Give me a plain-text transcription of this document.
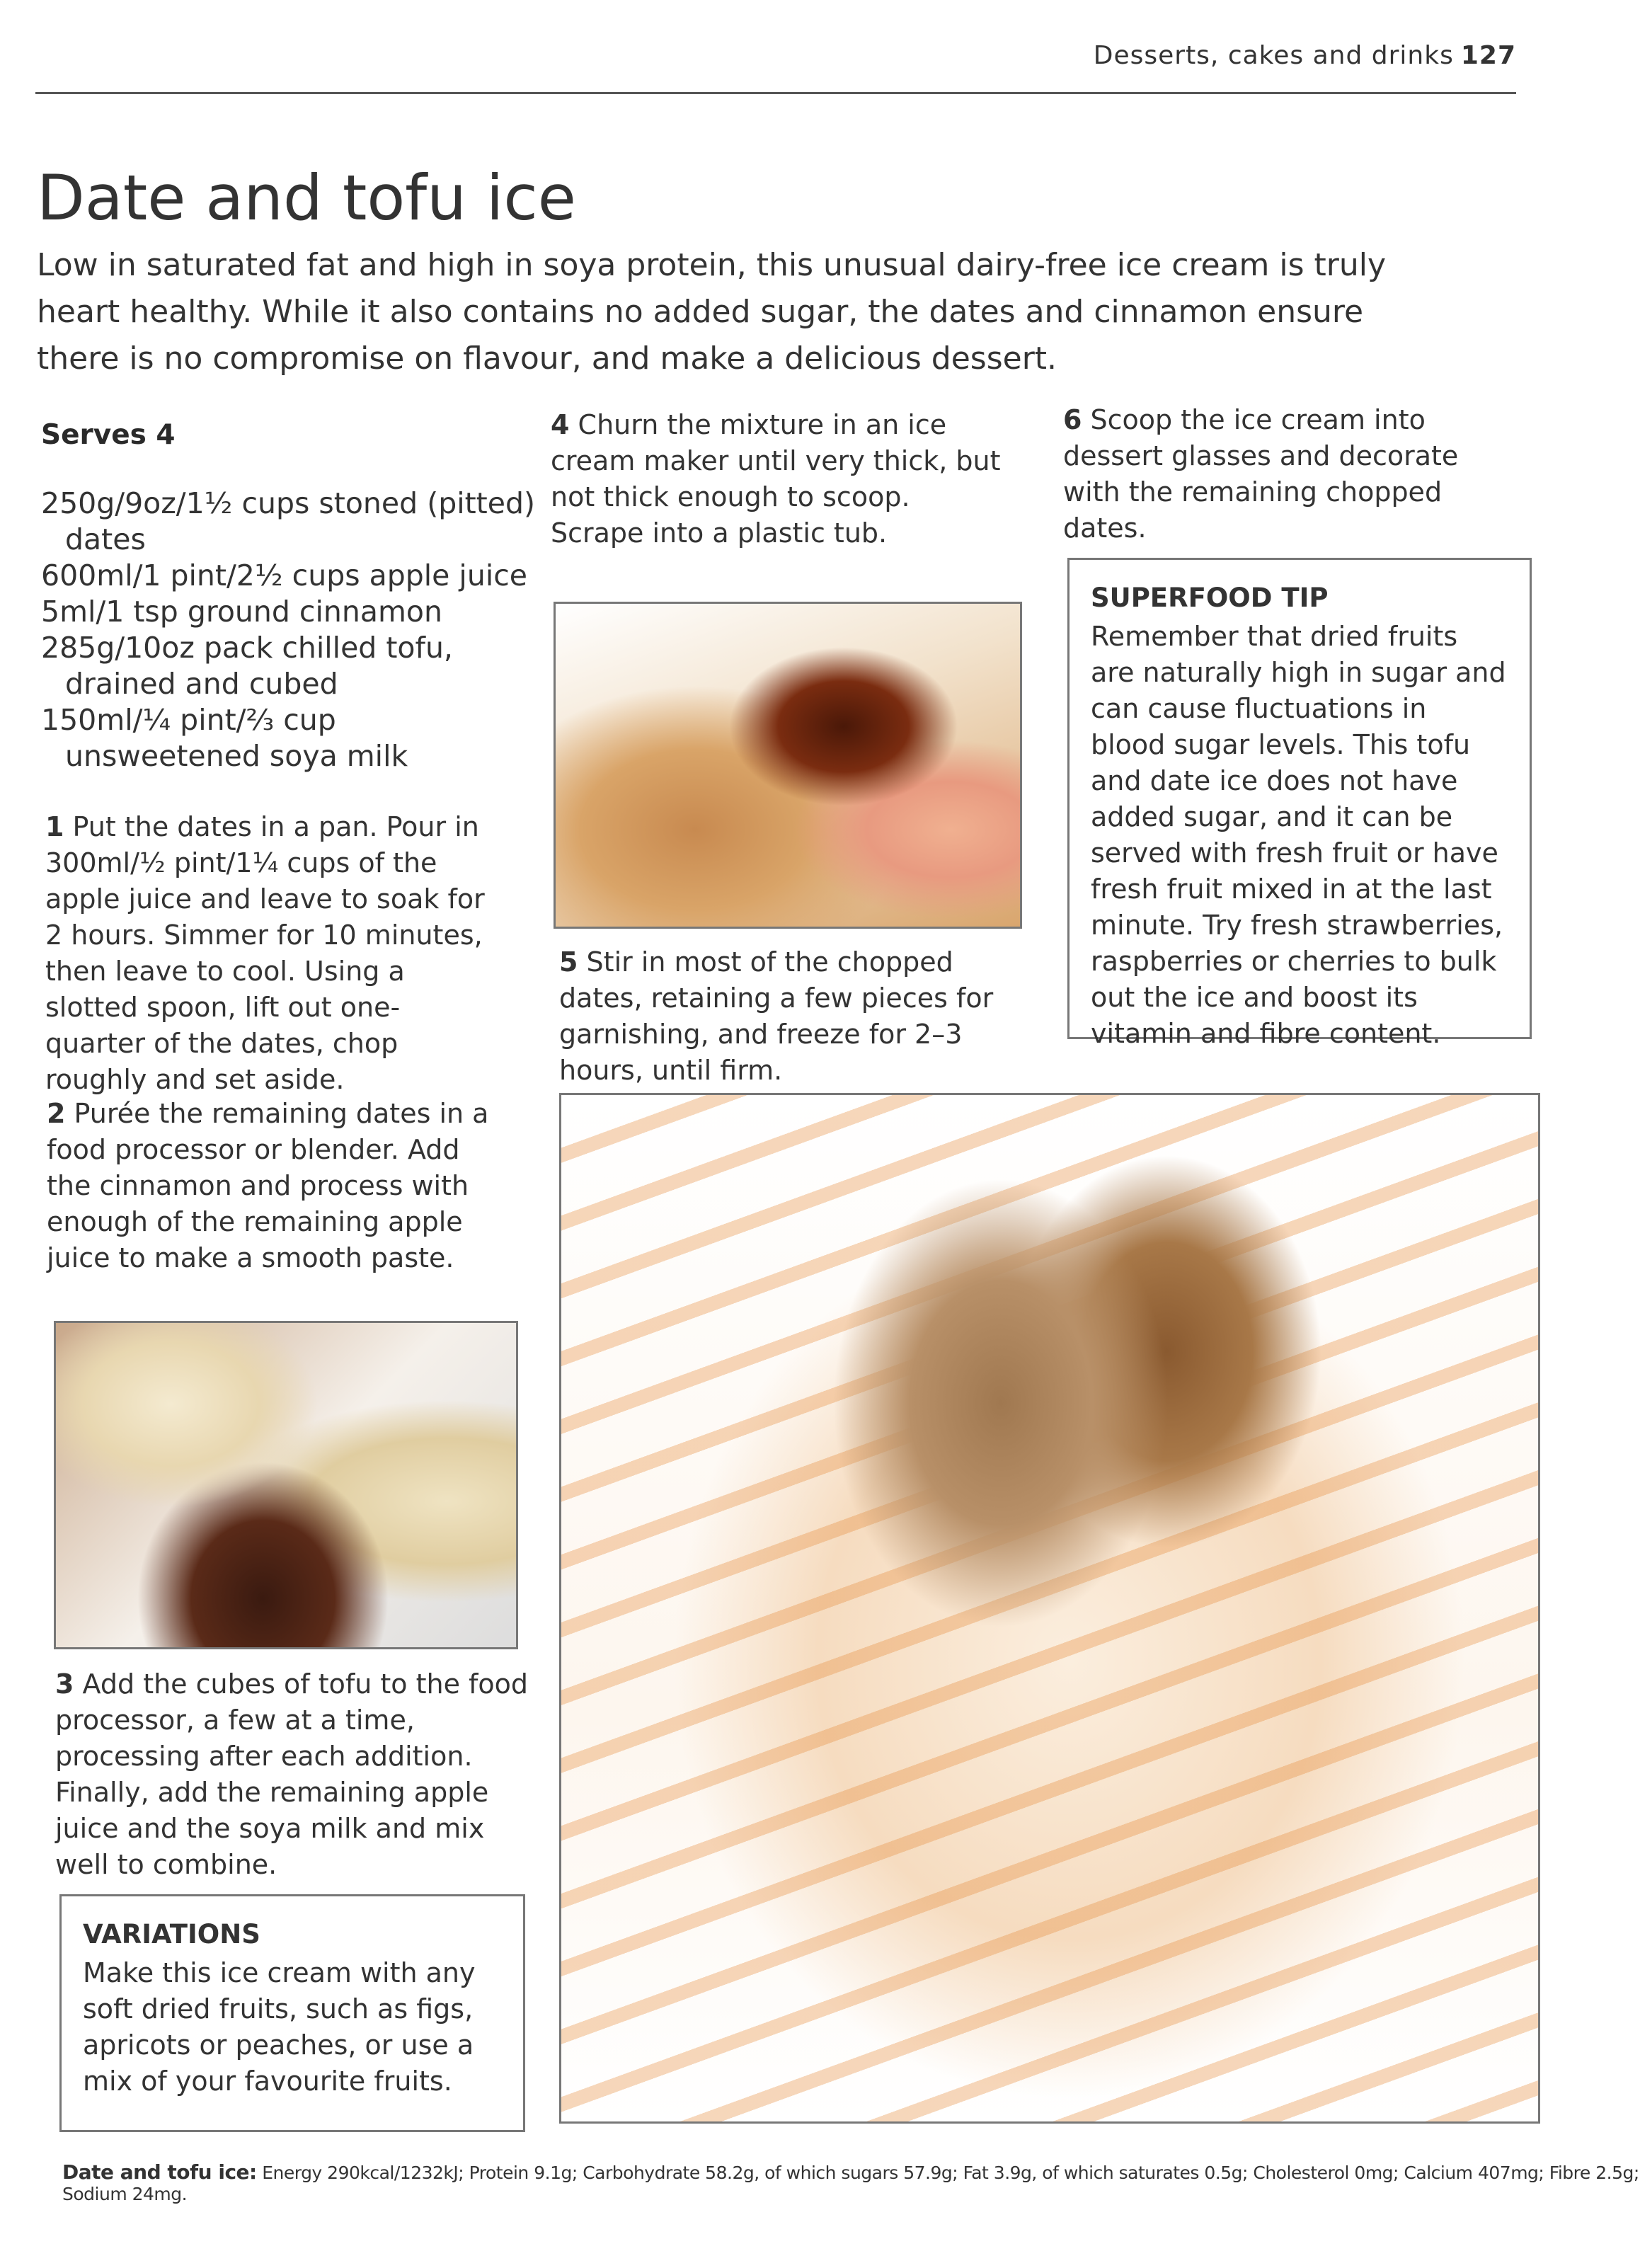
Desserts, cakes and drinks 127
Date and tofu ice
Low in saturated fat and high in soya protein, this unusual dairy-free ice cream is truly heart healthy. While it also contains no added sugar, the dates and cinnamon ensure there is no compromise on flavour, and make a delicious dessert.
Serves 4
250g/9oz/1½ cups stoned (pitted) dates
600ml/1 pint/2½ cups apple juice
5ml/1 tsp ground cinnamon
285g/10oz pack chilled tofu, drained and cubed
150ml/¼ pint/⅔ cup unsweetened soya milk
1 Put the dates in a pan. Pour in 300ml/½ pint/1¼ cups of the apple juice and leave to soak for 2 hours. Simmer for 10 minutes, then leave to cool. Using a slotted spoon, lift out one-quarter of the dates, chop roughly and set aside.
2 Purée the remaining dates in a food processor or blender. Add the cinnamon and process with enough of the remaining apple juice to make a smooth paste.
3 Add the cubes of tofu to the food processor, a few at a time, processing after each addition. Finally, add the remaining apple juice and the soya milk and mix well to combine.
VARIATIONS
Make this ice cream with any soft dried fruits, such as figs, apricots or peaches, or use a mix of your favourite fruits.
4 Churn the mixture in an ice cream maker until very thick, but not thick enough to scoop. Scrape into a plastic tub.
5 Stir in most of the chopped dates, retaining a few pieces for garnishing, and freeze for 2–3 hours, until firm.
6 Scoop the ice cream into dessert glasses and decorate with the remaining chopped dates.
SUPERFOOD TIP
Remember that dried fruits are naturally high in sugar and can cause fluctuations in blood sugar levels. This tofu and date ice does not have added sugar, and it can be served with fresh fruit or have fresh fruit mixed in at the last minute. Try fresh strawberries, raspberries or cherries to bulk out the ice and boost its vitamin and fibre content.
Date and tofu ice: Energy 290kcal/1232kJ; Protein 9.1g; Carbohydrate 58.2g, of which sugars 57.9g; Fat 3.9g, of which saturates 0.5g; Cholesterol 0mg; Calcium 407mg; Fibre 2.5g; Sodium 24mg.
